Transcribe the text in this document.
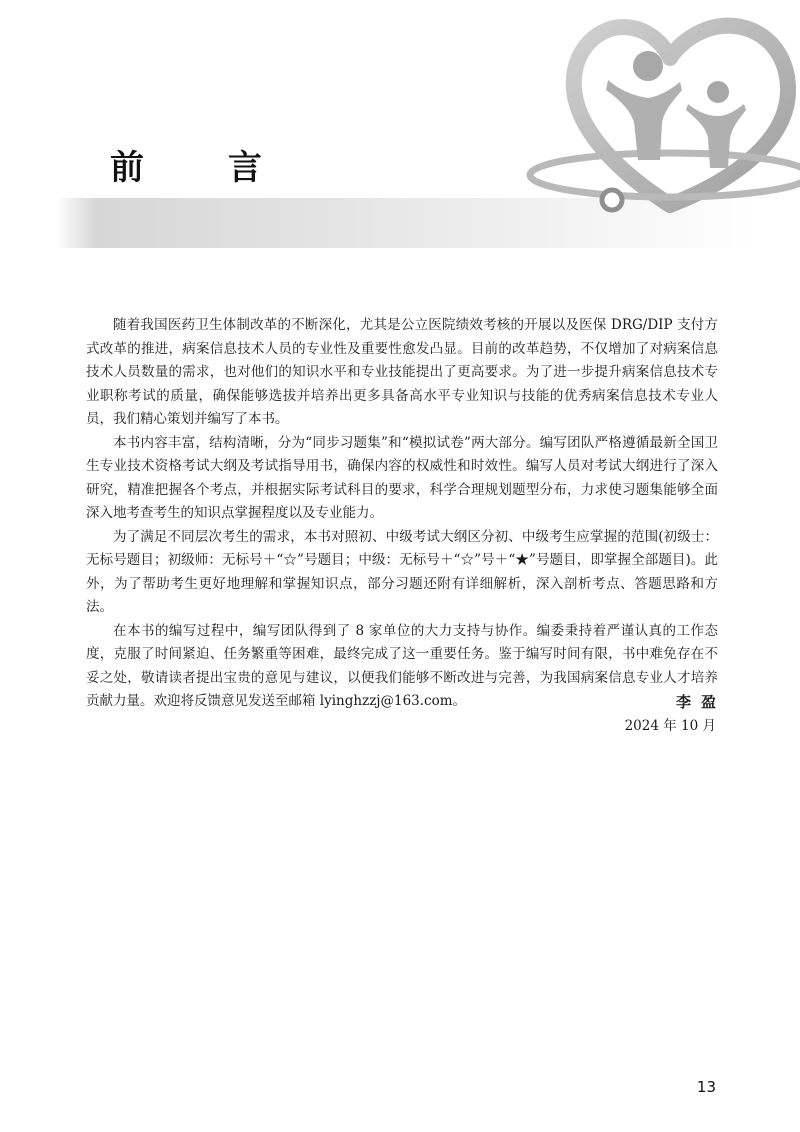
前 言

随着我国医药卫生体制改革的不断深化，尤其是公立医院绩效考核的开展以及医保 DRG/DIP 支付方式改革的推进，病案信息技术人员的专业性及重要性愈发凸显。目前的改革趋势，不仅增加了对病案信息技术人员数量的需求，也对他们的知识水平和专业技能提出了更高要求。为了进一步提升病案信息技术专业职称考试的质量，确保能够选拔并培养出更多具备高水平专业知识与技能的优秀病案信息技术专业人员，我们精心策划并编写了本书。

本书内容丰富，结构清晰，分为“同步习题集”和“模拟试卷”两大部分。编写团队严格遵循最新全国卫生专业技术资格考试大纲及考试指导用书，确保内容的权威性和时效性。编写人员对考试大纲进行了深入研究，精准把握各个考点，并根据实际考试科目的要求，科学合理规划题型分布，力求使习题集能够全面深入地考查考生的知识点掌握程度以及专业能力。

为了满足不同层次考生的需求，本书对照初、中级考试大纲区分初、中级考生应掌握的范围(初级士：无标号题目；初级师：无标号＋“☆”号题目；中级：无标号＋“☆”号＋“★”号题目，即掌握全部题目)。此外，为了帮助考生更好地理解和掌握知识点，部分习题还附有详细解析，深入剖析考点、答题思路和方法。

在本书的编写过程中，编写团队得到了 8 家单位的大力支持与协作。编委秉持着严谨认真的工作态度，克服了时间紧迫、任务繁重等困难，最终完成了这一重要任务。鉴于编写时间有限，书中难免存在不妥之处，敬请读者提出宝贵的意见与建议，以便我们能够不断改进与完善，为我国病案信息专业人才培养贡献力量。欢迎将反馈意见发送至邮箱 lyinghzzj@163.com。	李盈
2024 年 10 月
13
